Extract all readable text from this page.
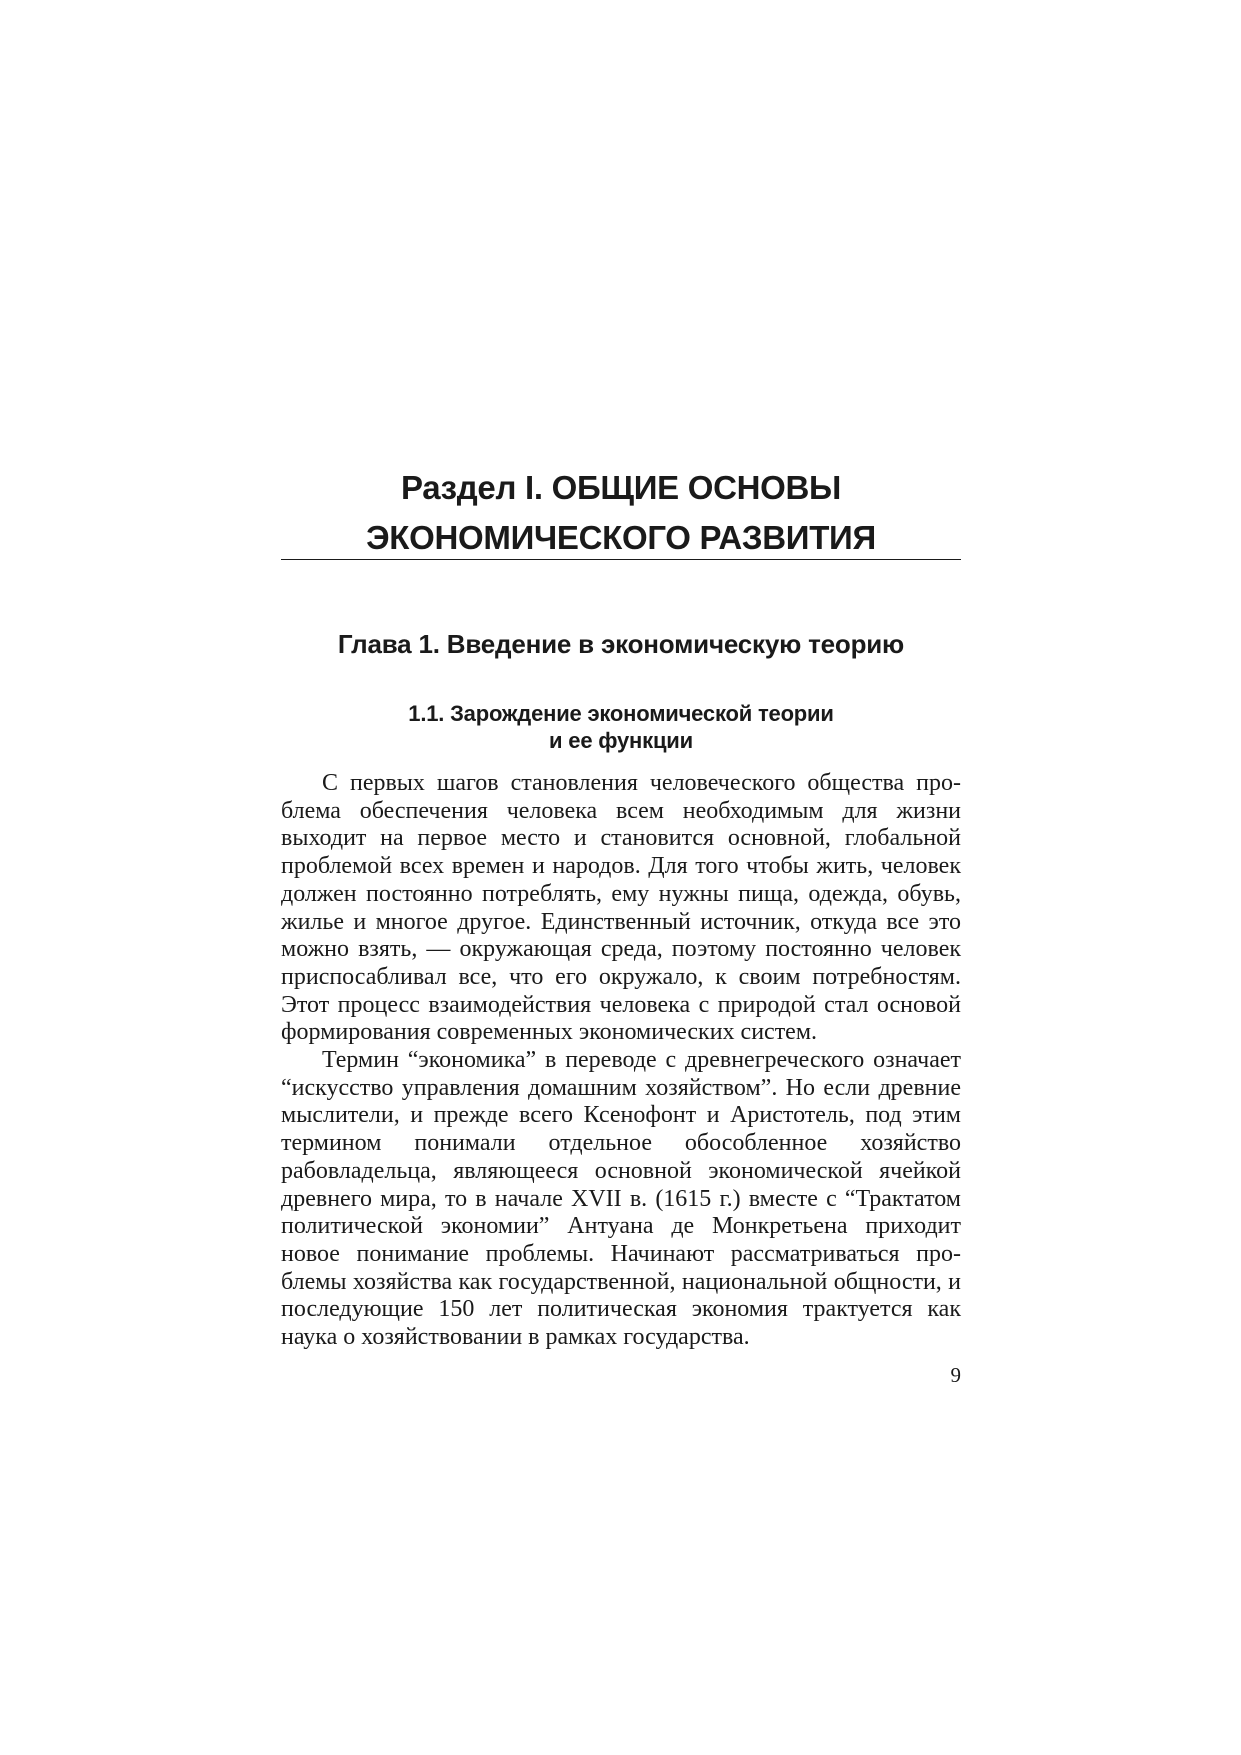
Раздел I. ОБЩИЕ ОСНОВЫ
ЭКОНОМИЧЕСКОГО РАЗВИТИЯ
Глава 1. Введение в экономическую теорию
1.1. Зарождение экономической теории
и ее функции

С первых шагов становления человеческого общества проблема обеспечения человека всем необходимым для жизни выходит на первое место и становится основной, глобальной проблемой всех времен и народов. Для того чтобы жить, человек должен постоянно потреблять, ему нужны пища, одежда, обувь, жилье и многое другое. Единственный источник, откуда все это можно взять, — окружающая среда, поэтому постоянно человек приспосабливал все, что его окружало, к своим потребностям. Этот процесс взаимодействия человека с природой стал основой формирования современных экономических систем.

Термин “экономика” в переводе с древнегреческого означает “искусство управления домашним хозяйством”. Но если древние мыслители, и прежде всего Ксенофонт и Аристотель, под этим термином понимали отдельное обособленное хозяйство рабовладельца, являющееся основной экономической ячейкой древнего мира, то в начале XVII в. (1615 г.) вместе с “Трактатом политической экономии” Антуана де Монкретьена приходит новое понимание проблемы. Начинают рассматриваться проблемы хозяйства как государственной, национальной общности, и последующие 150 лет политическая экономия трактуется как наука о хозяйствовании в рамках государства.

9
